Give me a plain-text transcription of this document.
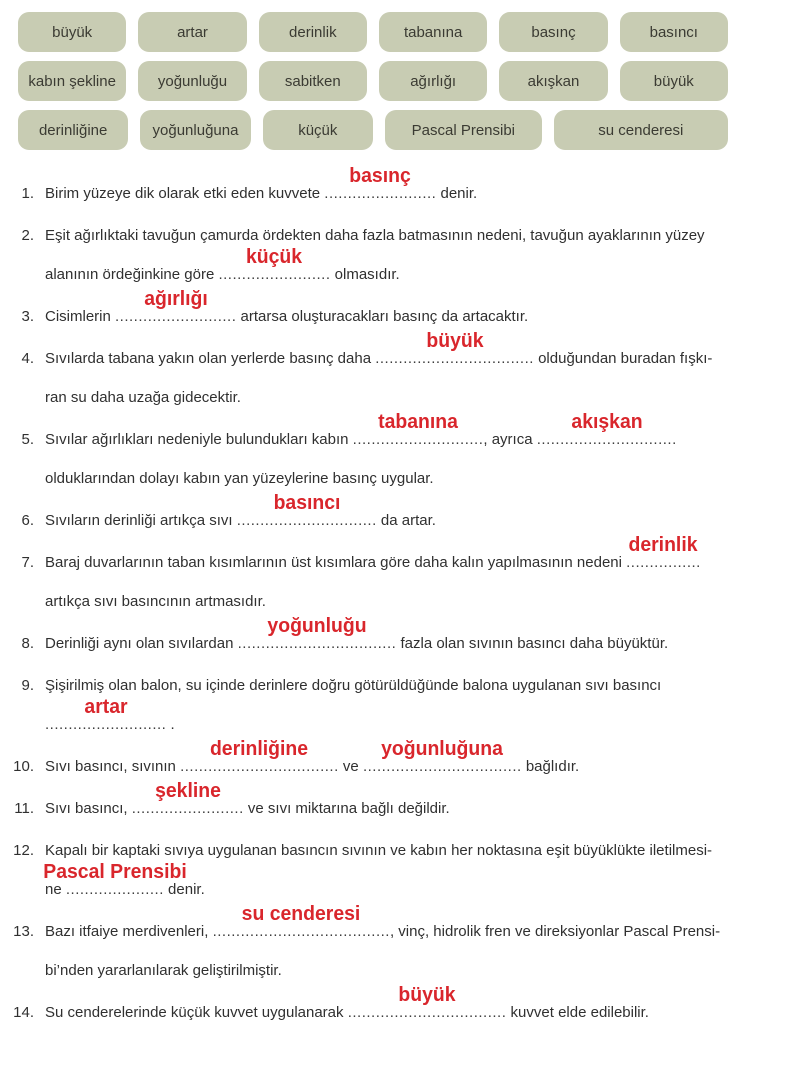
büyük	artar	derinlik	tabanına	basınç	basıncı
kabın şekline	yoğunluğu	sabitken	ağırlığı	akışkan	büyük
derinliğine	yoğunluğuna	küçük	Pascal Prensibi	su cenderesi
1. Birim yüzeye dik olarak etki eden kuvvete
basınç
........................ denir.
2. Eşit ağırlıktaki tavuğun çamurda ördekten daha fazla batmasının nedeni, tavuğun ayaklarının yüzey
alanının ördeğinkine göre
küçük
........................ olmasıdır.
3. Cisimlerin
ağırlığı
.......................... artarsa oluşturacakları basınç da artacaktır.
4. Sıvılarda tabana yakın olan yerlerde basınç daha
büyük
.................................. olduğundan buradan fışkı-
ran su daha uzağa gidecektir.
5. Sıvılar ağırlıkları nedeniyle bulundukları kabın
tabanına
............................, ayrıca
akışkan
..............................
olduklarından dolayı kabın yan yüzeylerine basınç uygular.
6. Sıvıların derinliği artıkça sıvı
basıncı
.............................. da artar.
7. Baraj duvarlarının taban kısımlarının üst kısımlara göre daha kalın yapılmasının nedeni
derinlik
................
artıkça sıvı basıncının artmasıdır.
8. Derinliği aynı olan sıvılardan
yoğunluğu
.................................. fazla olan sıvının basıncı daha büyüktür.
9. Şişirilmiş olan balon, su içinde derinlere doğru götürüldüğünde balona uygulanan sıvı basıncı
artar
.......................... .
10. Sıvı basıncı, sıvının
derinliğine
.................................. ve
yoğunluğuna
.................................. bağlıdır.
11. Sıvı basıncı,
şekline
........................ ve sıvı miktarına bağlı değildir.
12. Kapalı bir kaptaki sıvıya uygulanan basıncın sıvının ve kabın her noktasına eşit büyüklükte iletilmesi-
ne
Pascal Prensibi
..................... denir.
13. Bazı itfaiye merdivenleri,
su cenderesi
......................................, vinç, hidrolik fren ve direksiyonlar Pascal Prensi-
bi’nden yararlanılarak geliştirilmiştir.
14. Su cenderelerinde küçük kuvvet uygulanarak
büyük
.................................. kuvvet elde edilebilir.
